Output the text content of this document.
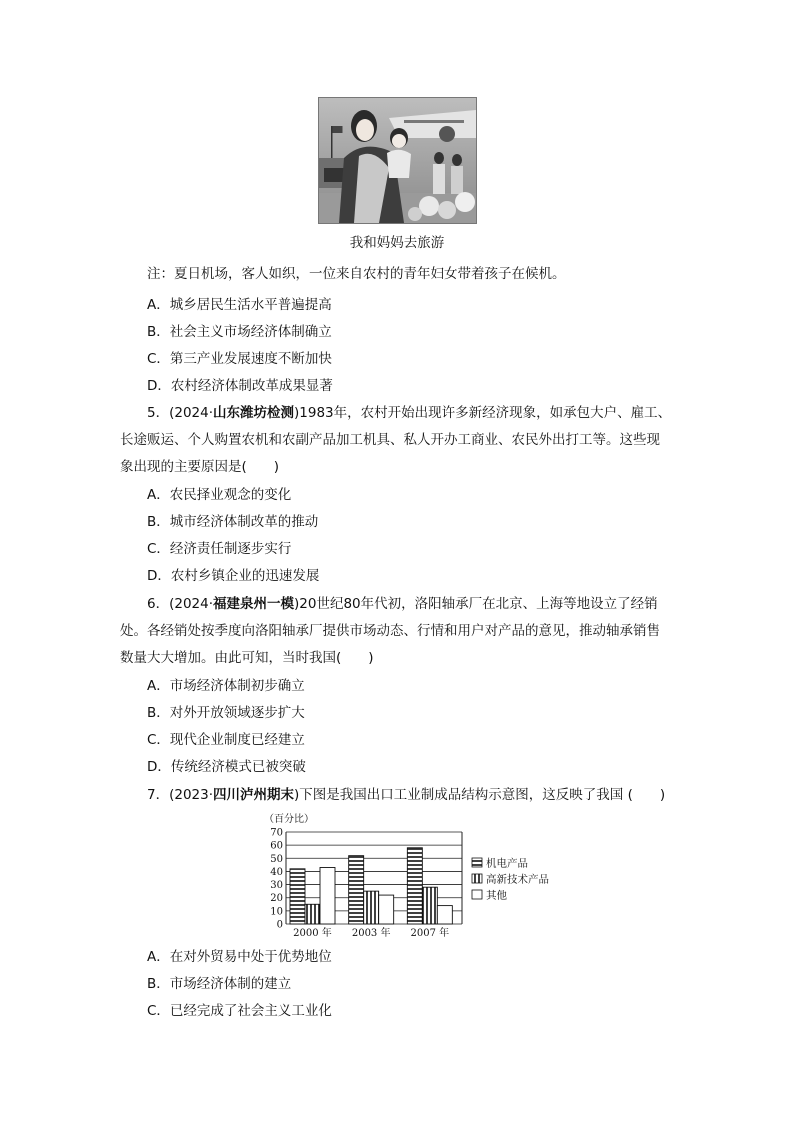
我和妈妈去旅游
注：夏日机场，客人如织，一位来自农村的青年妇女带着孩子在候机。
A．城乡居民生活水平普遍提高
B．社会主义市场经济体制确立
C．第三产业发展速度不断加快
D．农村经济体制改革成果显著
5．(2024·山东潍坊检测)1983年，农村开始出现许多新经济现象，如承包大户、雇工、
长途贩运、个人购置农机和农副产品加工机具、私人开办工商业、农民外出打工等。这些现
象出现的主要原因是(　　)
A．农民择业观念的变化
B．城市经济体制改革的推动
C．经济责任制逐步实行
D．农村乡镇企业的迅速发展
6．(2024·福建泉州一模)20世纪80年代初，洛阳轴承厂在北京、上海等地设立了经销
处。各经销处按季度向洛阳轴承厂提供市场动态、行情和用户对产品的意见，推动轴承销售
数量大大增加。由此可知，当时我国(　　)
A．市场经济体制初步确立
B．对外开放领域逐步扩大
C．现代企业制度已经建立
D．传统经济模式已被突破
7．(2023·四川泸州期末)下图是我国出口工业制成品结构示意图，这反映了我国 (　　)
（百分比）
0
10
20
30
40
50
60
70
2000 年 2003 年 2007 年
机电产品
高新技术产品
其他
A．在对外贸易中处于优势地位
B．市场经济体制的建立
C．已经完成了社会主义工业化
